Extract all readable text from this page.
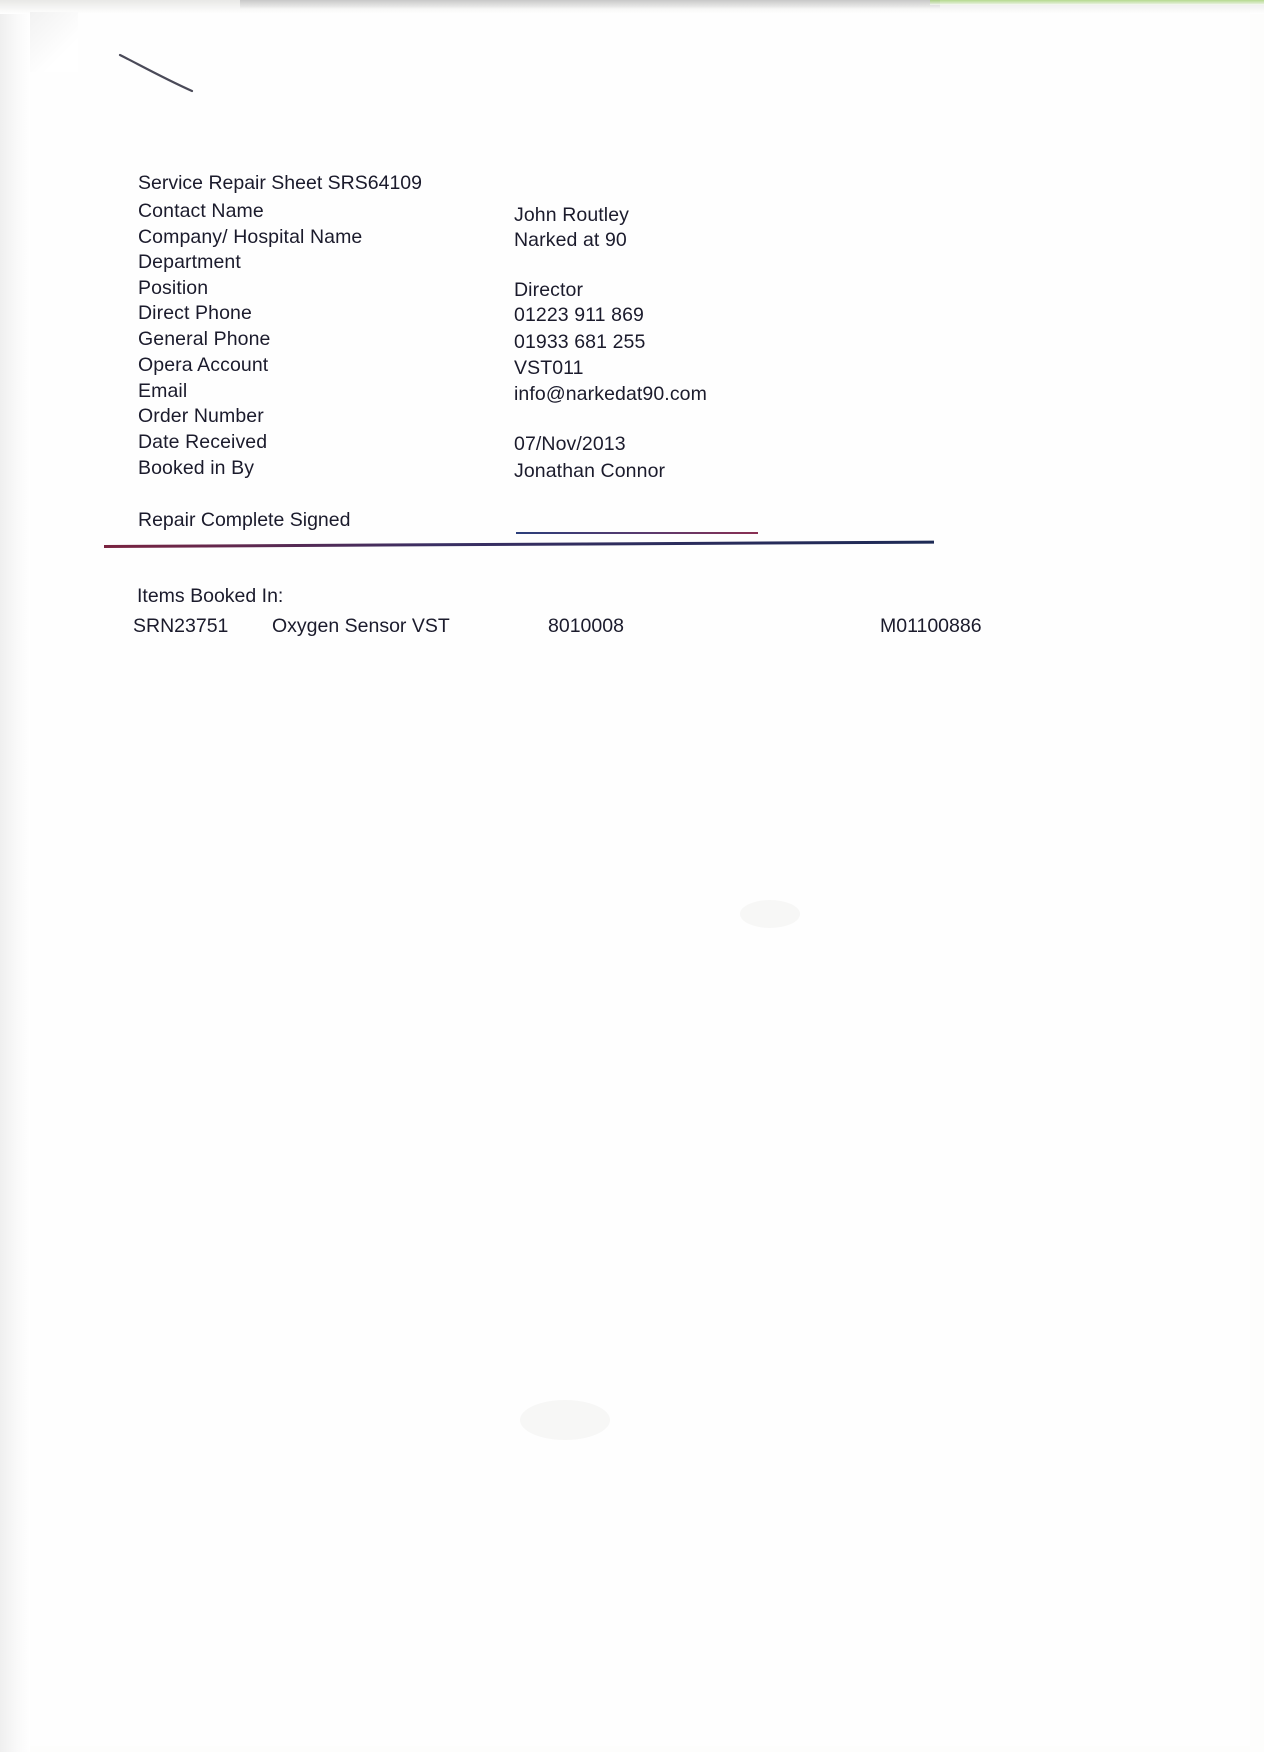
Service Repair Sheet SRS64109
Contact Name
Company/ Hospital Name
Department
Position
Direct Phone
General Phone
Opera Account
Email
Order Number
Date Received
Booked in By
John Routley
Narked at 90
Director
01223 911 869
01933 681 255
VST011
info@narkedat90.com
07/Nov/2013
Jonathan Connor
Repair Complete Signed
Items Booked In:
SRN23751 Oxygen Sensor VST	8010008	M01100886
